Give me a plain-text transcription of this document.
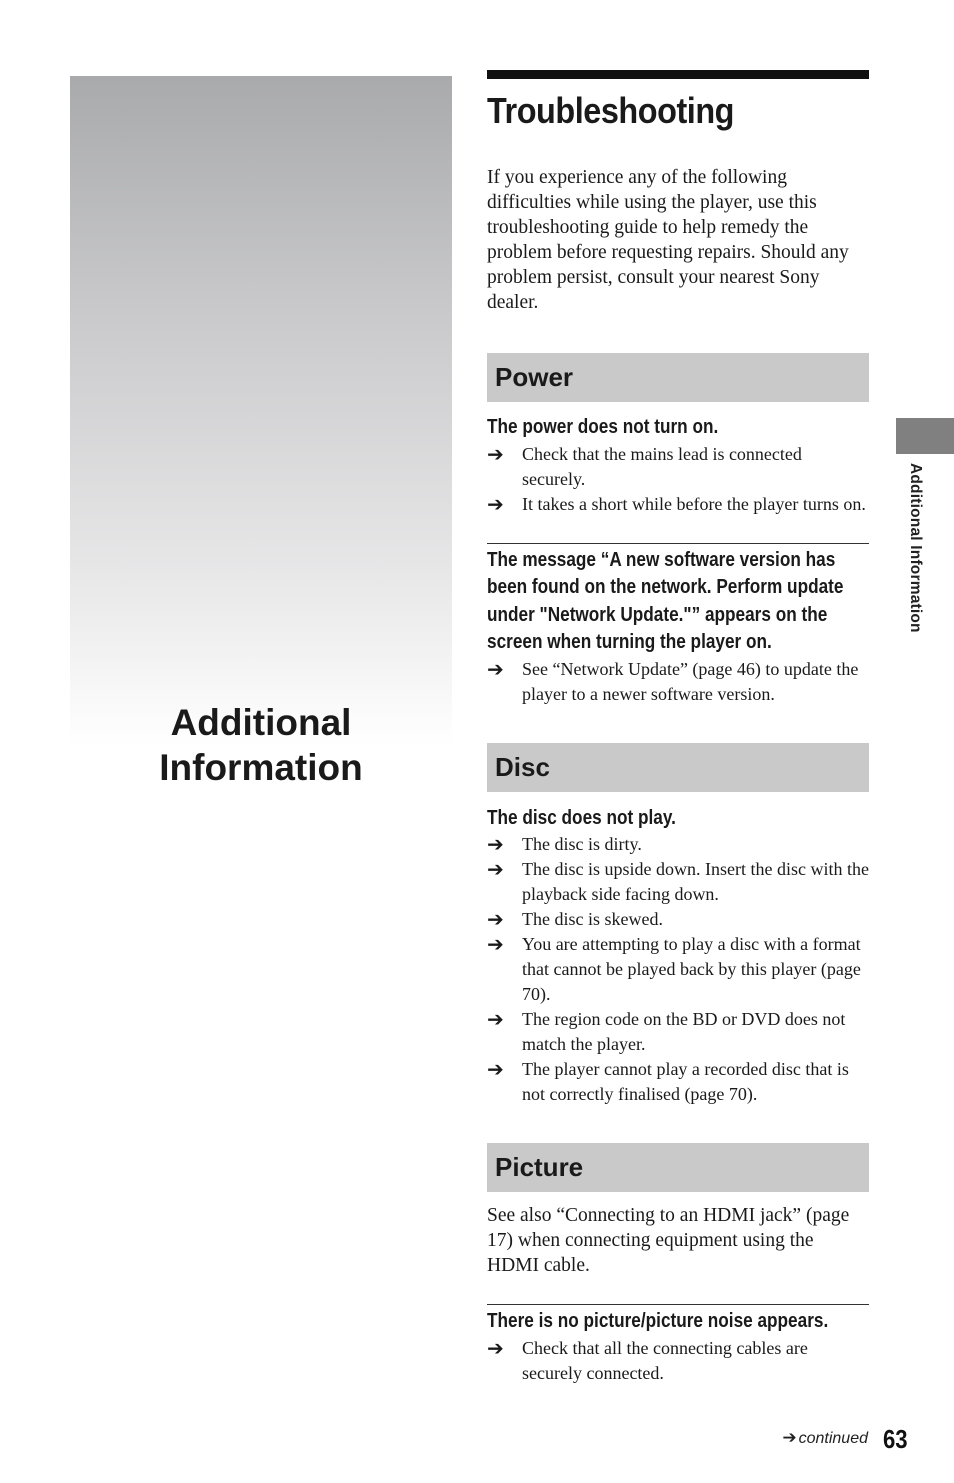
Additional
Information
Troubleshooting

If you experience any of the following difficulties while using the player, use this troubleshooting guide to help remedy the problem before requesting repairs. Should any problem persist, consult your nearest Sony dealer.

Power
The power does not turn on.
➔ Check that the mains lead is connected securely.
➔ It takes a short while before the player turns on.
The message “A new software version has been found on the network. Perform update under "Network Update."” appears on the screen when turning the player on.
➔ See “Network Update” (page 46) to update the player to a newer software version.
Disc
The disc does not play.
➔ The disc is dirty.
➔ The disc is upside down. Insert the disc with the playback side facing down.
➔ The disc is skewed.
➔ You are attempting to play a disc with a format that cannot be played back by this player (page 70).
➔ The region code on the BD or DVD does not match the player.
➔ The player cannot play a recorded disc that is not correctly finalised (page 70).
Picture

See also “Connecting to an HDMI jack” (page 17) when connecting equipment using the HDMI cable.

There is no picture/picture noise appears.
➔ Check that all the connecting cables are securely connected.
Additional Information
➔ continued 63
